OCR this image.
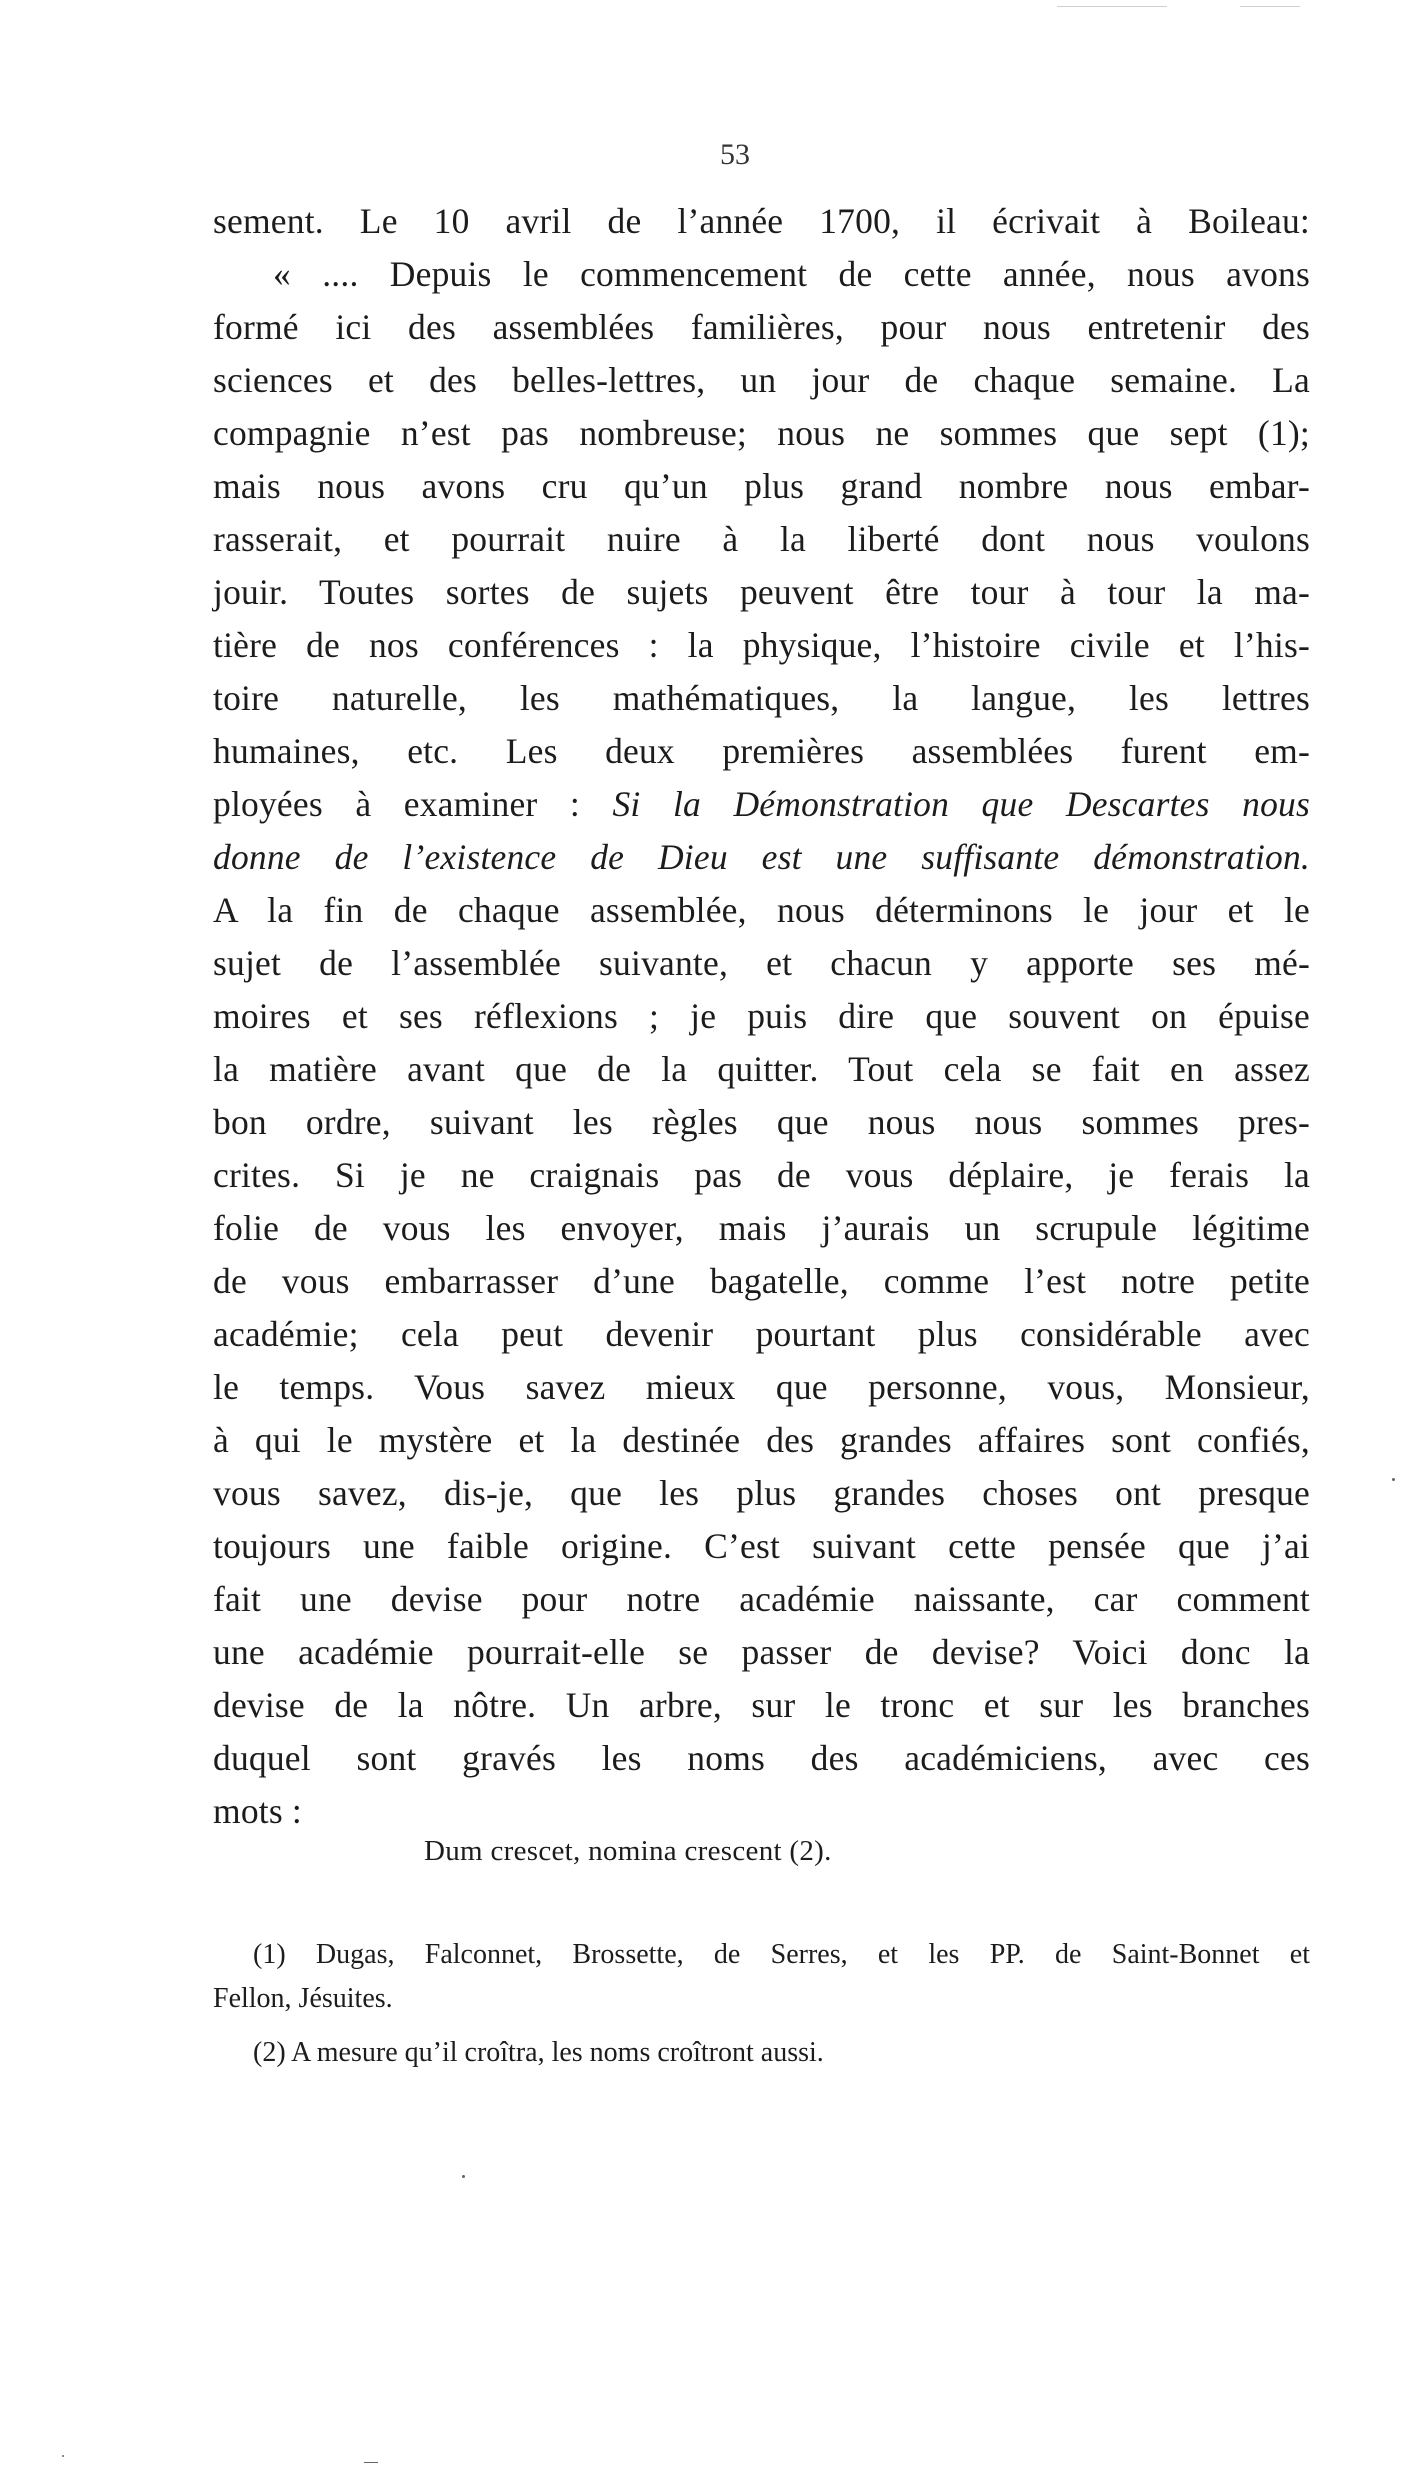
53
sement. Le 10 avril de l’année 1700, il écrivait à Boileau:
« .... Depuis le commencement de cette année, nous avons
formé ici des assemblées familières, pour nous entretenir des
sciences et des belles-lettres, un jour de chaque semaine. La
compagnie n’est pas nombreuse; nous ne sommes que sept (1);
mais nous avons cru qu’un plus grand nombre nous embar-
rasserait, et pourrait nuire à la liberté dont nous voulons
jouir. Toutes sortes de sujets peuvent être tour à tour la ma-
tière de nos conférences : la physique, l’histoire civile et l’his-
toire naturelle, les mathématiques, la langue, les lettres
humaines, etc. Les deux premières assemblées furent em-
ployées à examiner : Si la Démonstration que Descartes nous
donne de l’existence de Dieu est une suffisante démonstration.
A la fin de chaque assemblée, nous déterminons le jour et le
sujet de l’assemblée suivante, et chacun y apporte ses mé-
moires et ses réflexions ; je puis dire que souvent on épuise
la matière avant que de la quitter. Tout cela se fait en assez
bon ordre, suivant les règles que nous nous sommes pres-
crites. Si je ne craignais pas de vous déplaire, je ferais la
folie de vous les envoyer, mais j’aurais un scrupule légitime
de vous embarrasser d’une bagatelle, comme l’est notre petite
académie; cela peut devenir pourtant plus considérable avec
le temps. Vous savez mieux que personne, vous, Monsieur,
à qui le mystère et la destinée des grandes affaires sont confiés,
vous savez, dis-je, que les plus grandes choses ont presque
toujours une faible origine. C’est suivant cette pensée que j’ai
fait une devise pour notre académie naissante, car comment
une académie pourrait-elle se passer de devise? Voici donc la
devise de la nôtre. Un arbre, sur le tronc et sur les branches
duquel sont gravés les noms des académiciens, avec ces
mots :
Dum crescet, nomina crescent (2).
(1) Dugas, Falconnet, Brossette, de Serres, et les PP. de Saint-Bonnet et
Fellon, Jésuites.
(2) A mesure qu’il croîtra, les noms croîtront aussi.
